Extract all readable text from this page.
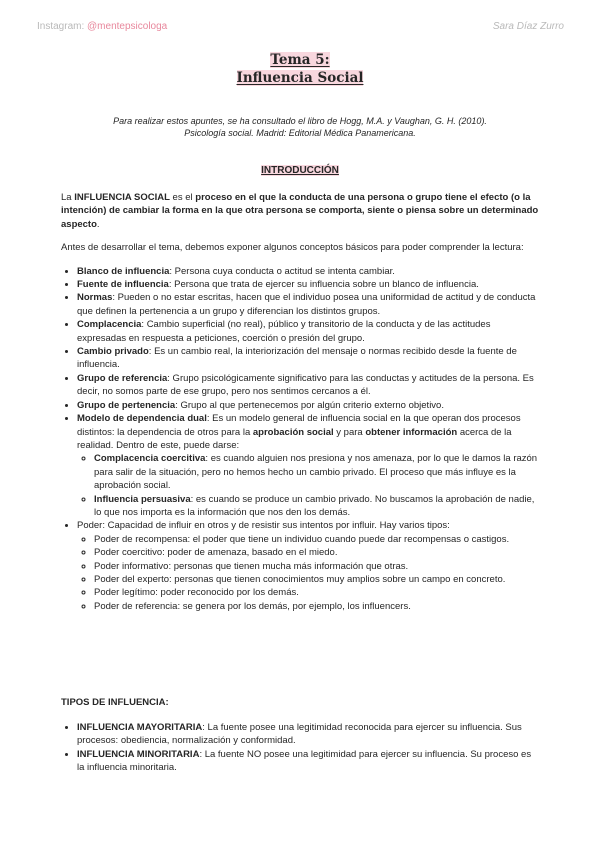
Instagram: @mentepsicologa	Sara Díaz Zurro
Tema 5:
Influencia Social
Para realizar estos apuntes, se ha consultado el libro de Hogg, M.A. y Vaughan, G. H. (2010). Psicología social. Madrid: Editorial Médica Panamericana.
INTRODUCCIÓN

La INFLUENCIA SOCIAL es el proceso en el que la conducta de una persona o grupo tiene el efecto (o la intención) de cambiar la forma en la que otra persona se comporta, siente o piensa sobre un determinado aspecto.

Antes de desarrollar el tema, debemos exponer algunos conceptos básicos para poder comprender la lectura:

• Blanco de influencia: Persona cuya conducta o actitud se intenta cambiar.
• Fuente de influencia: Persona que trata de ejercer su influencia sobre un blanco de influencia.
• Normas: Pueden o no estar escritas, hacen que el individuo posea una uniformidad de actitud y de conducta que definen la pertenencia a un grupo y diferencian los distintos grupos.
• Complacencia: Cambio superficial (no real), público y transitorio de la conducta y de las actitudes expresadas en respuesta a peticiones, coerción o presión del grupo.
• Cambio privado: Es un cambio real, la interiorización del mensaje o normas recibido desde la fuente de influencia.
• Grupo de referencia: Grupo psicológicamente significativo para las conductas y actitudes de la persona. Es decir, no somos parte de ese grupo, pero nos sentimos cercanos a él.
• Grupo de pertenencia: Grupo al que pertenecemos por algún criterio externo objetivo.
• Modelo de dependencia dual: Es un modelo general de influencia social en la que operan dos procesos distintos: la dependencia de otros para la aprobación social y para obtener información acerca de la realidad. Dentro de este, puede darse:
◦ Complacencia coercitiva: es cuando alguien nos presiona y nos amenaza, por lo que le damos la razón para salir de la situación, pero no hemos hecho un cambio privado. El proceso que más influye es la aprobación social.
◦ Influencia persuasiva: es cuando se produce un cambio privado. No buscamos la aprobación de nadie, lo que nos importa es la información que nos den los demás.
• Poder: Capacidad de influir en otros y de resistir sus intentos por influir. Hay varios tipos:
◦ Poder de recompensa: el poder que tiene un individuo cuando puede dar recompensas o castigos.
◦ Poder coercitivo: poder de amenaza, basado en el miedo.
◦ Poder informativo: personas que tienen mucha más información que otras.
◦ Poder del experto: personas que tienen conocimientos muy amplios sobre un campo en concreto.
◦ Poder legítimo: poder reconocido por los demás.
◦ Poder de referencia: se genera por los demás, por ejemplo, los influencers.
TIPOS DE INFLUENCIA:
• INFLUENCIA MAYORITARIA: La fuente posee una legitimidad reconocida para ejercer su influencia. Sus procesos: obediencia, normalización y conformidad.
• INFLUENCIA MINORITARIA: La fuente NO posee una legitimidad para ejercer su influencia. Su proceso es la influencia minoritaria.
